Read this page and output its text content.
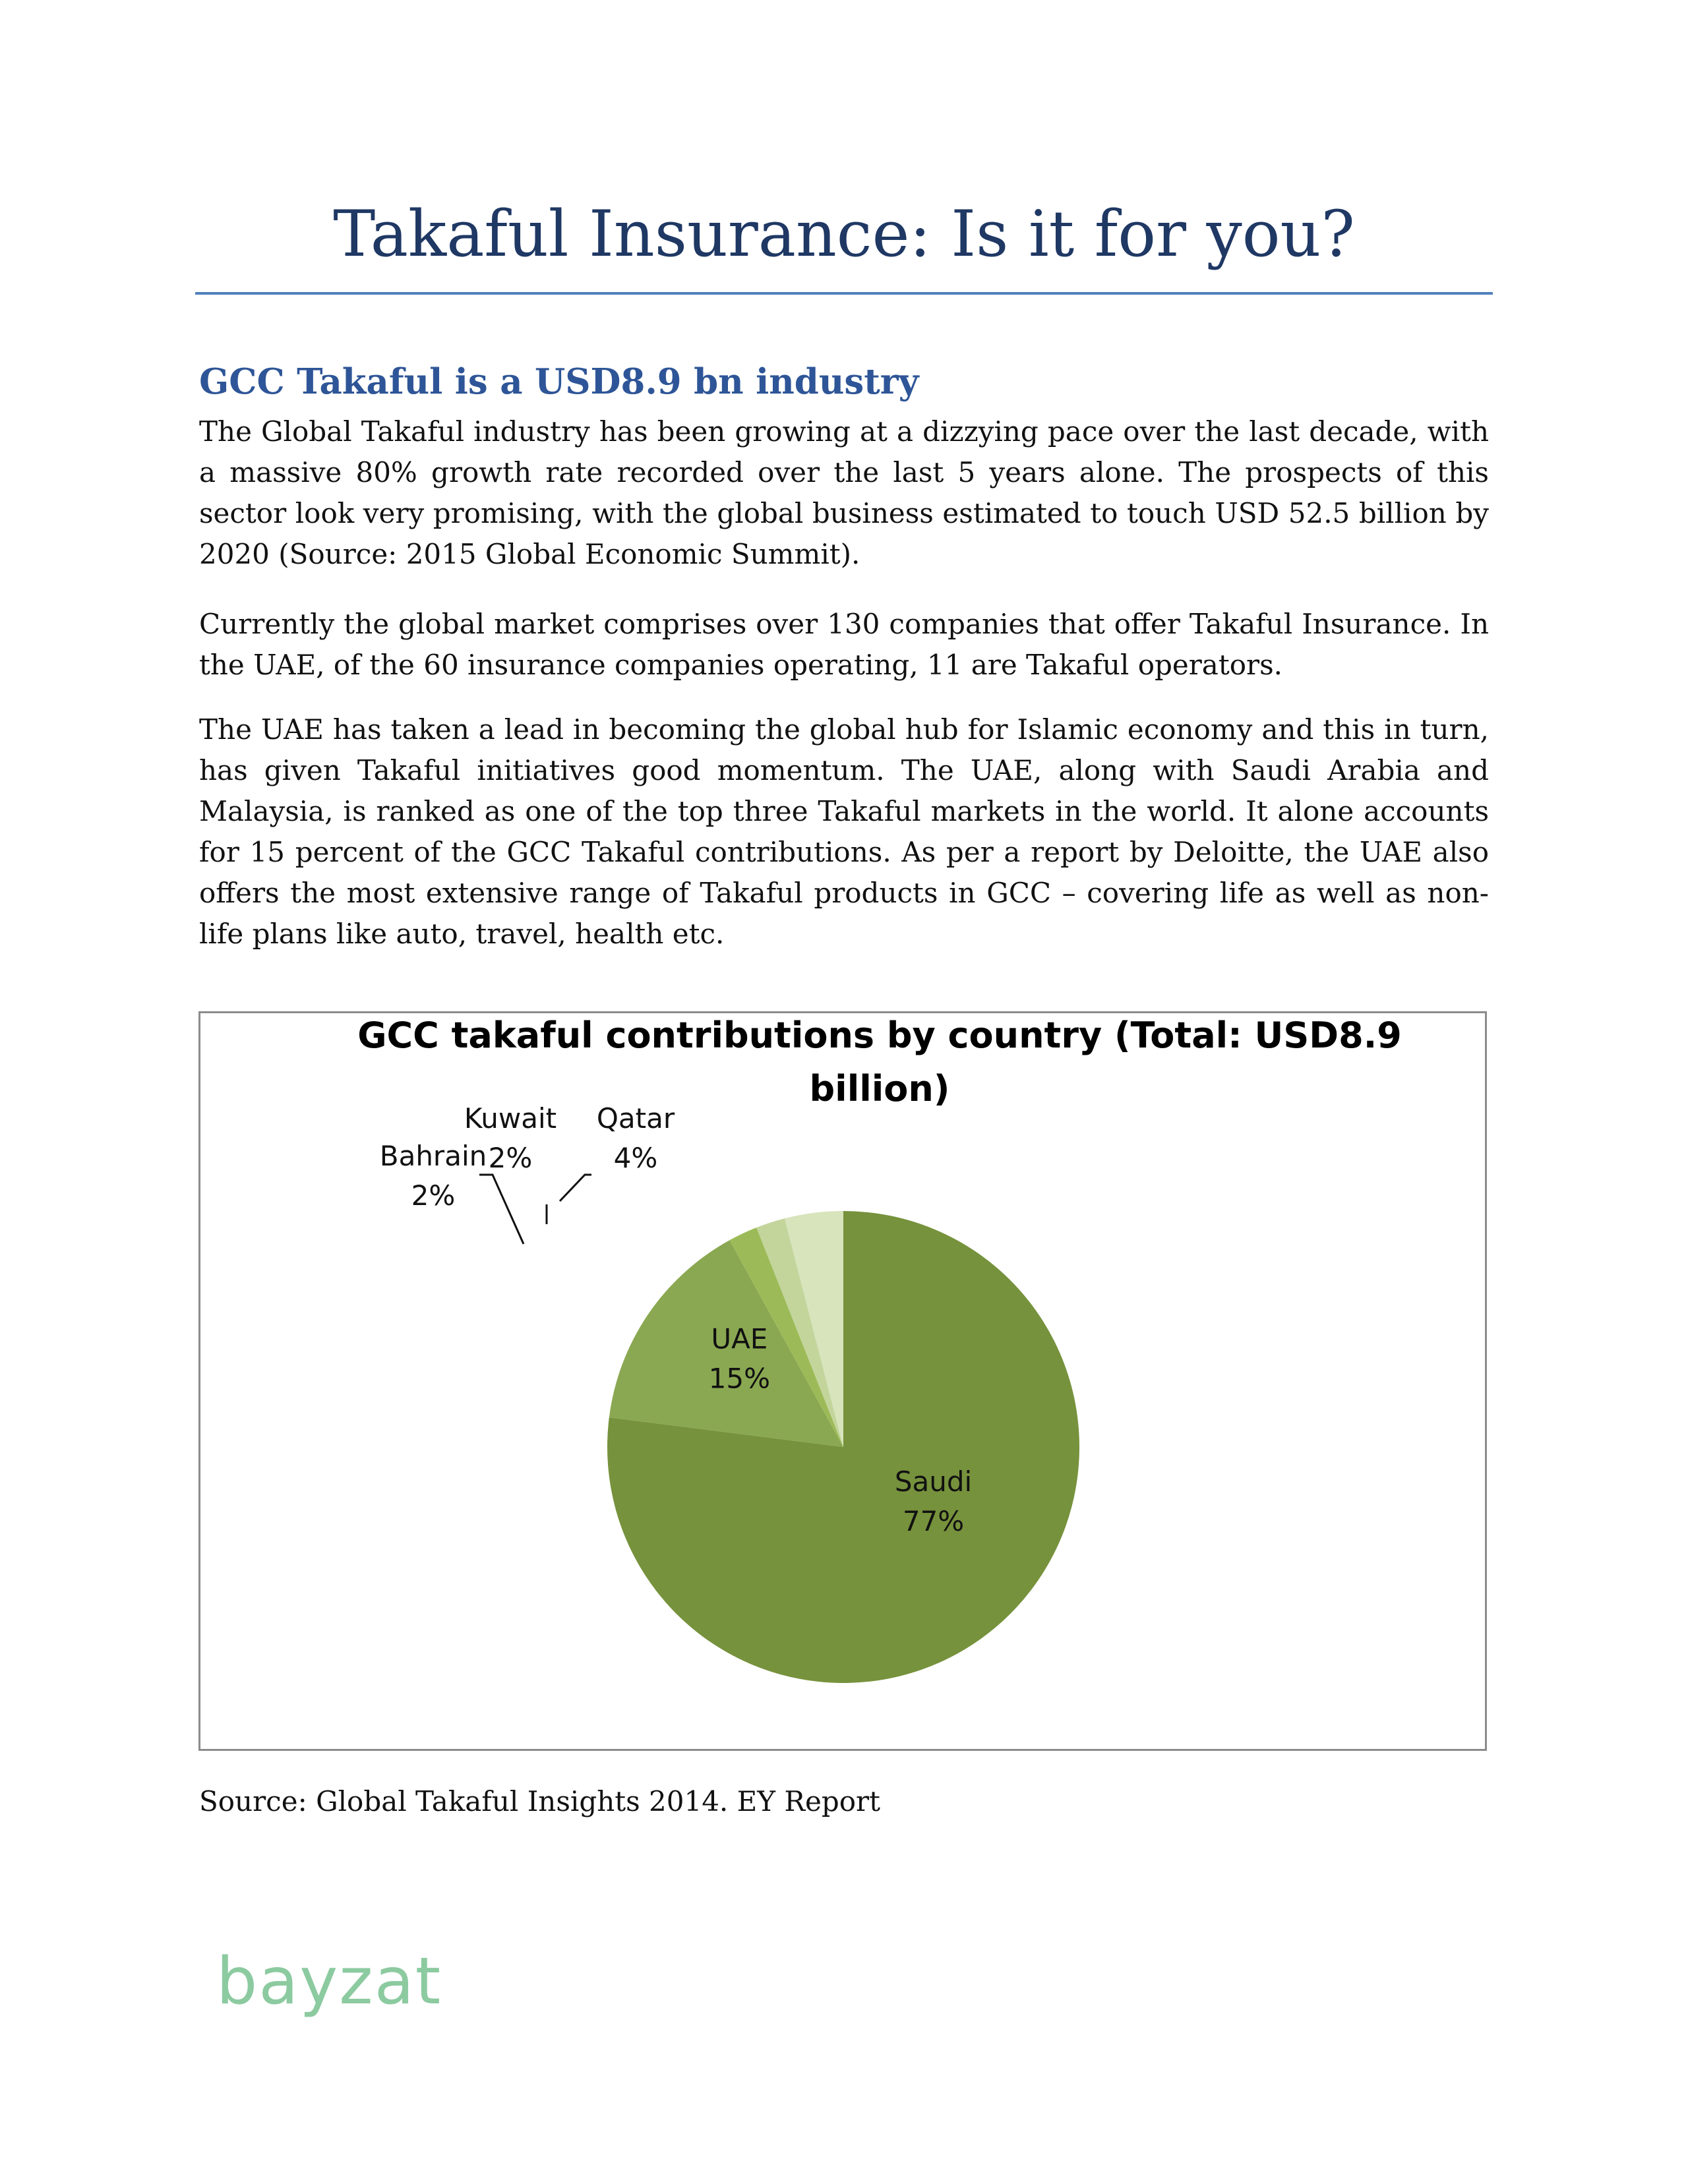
Takaful Insurance: Is it for you?
GCC Takaful is a USD8.9 bn industry

The Global Takaful industry has been growing at a dizzying pace over the last decade, with a massive 80% growth rate recorded over the last 5 years alone. The prospects of this sector look very promising, with the global business estimated to touch USD 52.5 billion by 2020 (Source: 2015 Global Economic Summit).

Currently the global market comprises over 130 companies that offer Takaful Insurance. In the UAE, of the 60 insurance companies operating, 11 are Takaful operators.

The UAE has taken a lead in becoming the global hub for Islamic economy and this in turn, has given Takaful initiatives good momentum. The UAE, along with Saudi Arabia and Malaysia, is ranked as one of the top three Takaful markets in the world. It alone accounts for 15 percent of the GCC Takaful contributions. As per a report by Deloitte, the UAE also offers the most extensive range of Takaful products in GCC – covering life as well as non-life plans like auto, travel, health etc.

GCC takaful contributions by country (Total: USD8.9
billion)
Saudi
77%
UAE
15%
Bahrain
2%
Kuwait
2%
Qatar
4%
Source: Global Takaful Insights 2014. EY Report
bayzat
